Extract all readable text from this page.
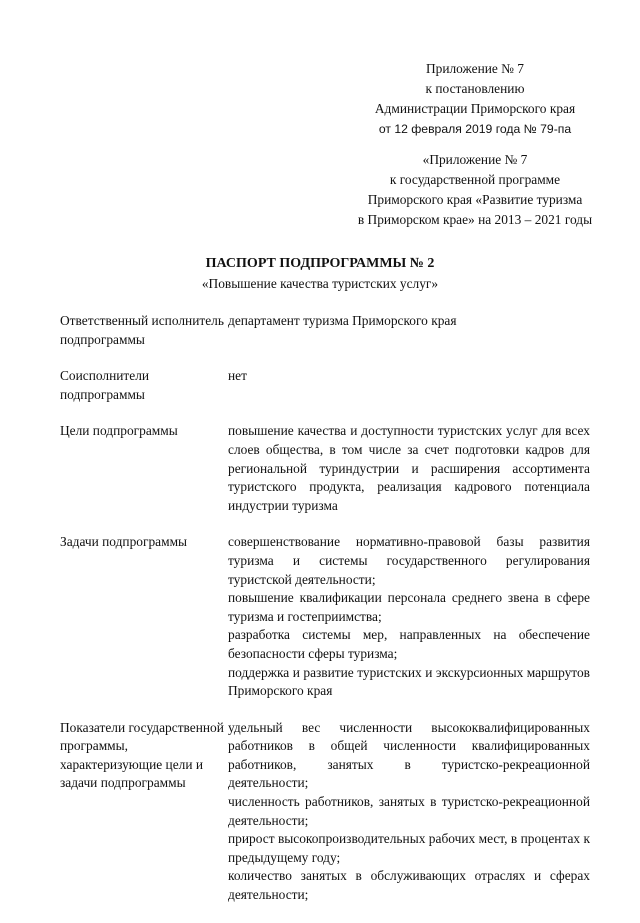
Приложение № 7
к постановлению
Администрации Приморского края
от 12 февраля 2019 года № 79-па
«Приложение № 7
к государственной программе
Приморского края «Развитие туризма
в Приморском крае» на 2013 – 2021 годы
ПАСПОРТ ПОДПРОГРАММЫ № 2
«Повышение качества туристских услуг»
Ответственный исполнитель подпрограммы

департамент туризма Приморского края

Соисполнители подпрограммы

нет

Цели подпрограммы	повышение качества и доступности туристских услуг для всех слоев общества, в том числе за счет подготовки кадров для региональной туриндустрии и расширения ассортимента туристского продукта, реализация кадрового потенциала индустрии туризма

Задачи подпрограммы	совершенствование нормативно-правовой базы развития туризма и системы государственного регулирования туристской деятельности;

повышение квалификации персонала среднего звена в сфере туризма и гостеприимства;

разработка системы мер, направленных на обеспечение безопасности сферы туризма;

поддержка и развитие туристских и экскурсионных маршрутов Приморского края

Показатели государственной программы, характеризующие цели и задачи подпрограммы

удельный вес численности высококвалифицированных работников в общей численности квалифицированных работников, занятых в туристско-рекреационной деятельности;

численность работников, занятых в туристско-рекреационной деятельности;

прирост высокопроизводительных рабочих мест, в процентах к предыдущему году;

количество занятых в обслуживающих отраслях и сферах деятельности;
